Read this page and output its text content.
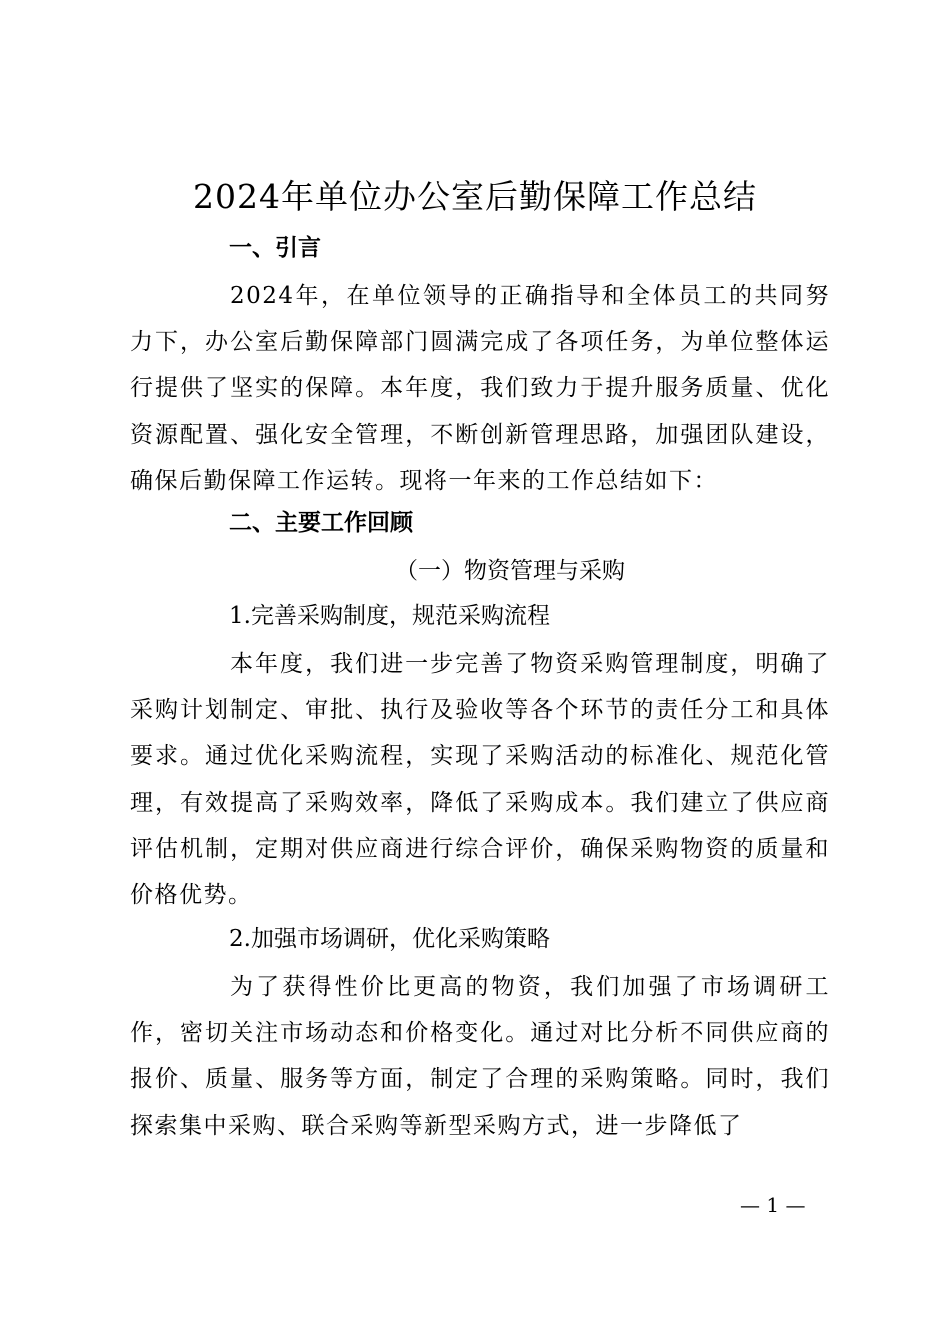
2024年单位办公室后勤保障工作总结
一、引言
2024年，在单位领导的正确指导和全体员工的共同努力下，办公室后勤保障部门圆满完成了各项任务，为单位整体运行提供了坚实的保障。本年度，我们致力于提升服务质量、优化资源配置、强化安全管理，不断创新管理思路，加强团队建设，确保后勤保障工作运转。现将一年来的工作总结如下：
二、主要工作回顾
（一）物资管理与采购
1.完善采购制度，规范采购流程
本年度，我们进一步完善了物资采购管理制度，明确了采购计划制定、审批、执行及验收等各个环节的责任分工和具体要求。通过优化采购流程，实现了采购活动的标准化、规范化管理，有效提高了采购效率，降低了采购成本。我们建立了供应商评估机制，定期对供应商进行综合评价，确保采购物资的质量和价格优势。
2.加强市场调研，优化采购策略
为了获得性价比更高的物资，我们加强了市场调研工作，密切关注市场动态和价格变化。通过对比分析不同供应商的报价、质量、服务等方面，制定了合理的采购策略。同时，我们探索集中采购、联合采购等新型采购方式，进一步降低了
— 1 —
